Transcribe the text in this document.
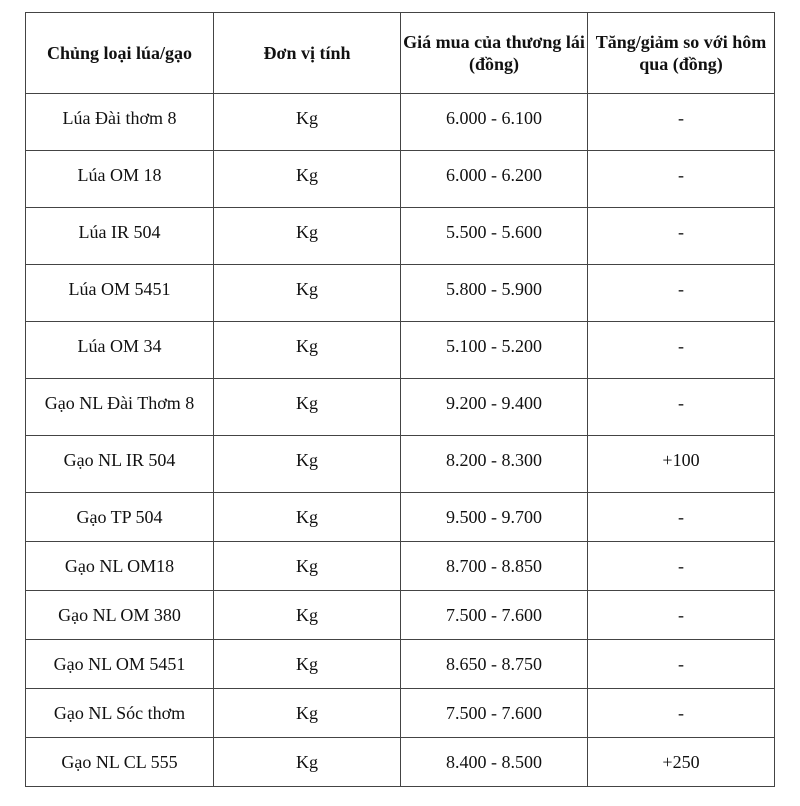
Chủng loại lúa/gạo	Đơn vị tính	Giá mua của thương lái (đồng)	Tăng/giảm so với hôm qua (đồng)
Lúa Đài thơm 8	Kg	6.000 - 6.100	-
Lúa OM 18	Kg	6.000 - 6.200	-
Lúa IR 504	Kg	5.500 - 5.600	-
Lúa OM 5451	Kg	5.800 - 5.900	-
Lúa OM 34	Kg	5.100 - 5.200	-
Gạo NL Đài Thơm 8	Kg	9.200 - 9.400	-
Gạo NL IR 504	Kg	8.200 - 8.300	+100
Gạo TP 504	Kg	9.500 - 9.700	-
Gạo NL OM18	Kg	8.700 - 8.850	-
Gạo NL OM 380	Kg	7.500 - 7.600	-
Gạo NL OM 5451	Kg	8.650 - 8.750	-
Gạo NL Sóc thơm	Kg	7.500 - 7.600	-
Gạo NL CL 555	Kg	8.400 - 8.500	+250
